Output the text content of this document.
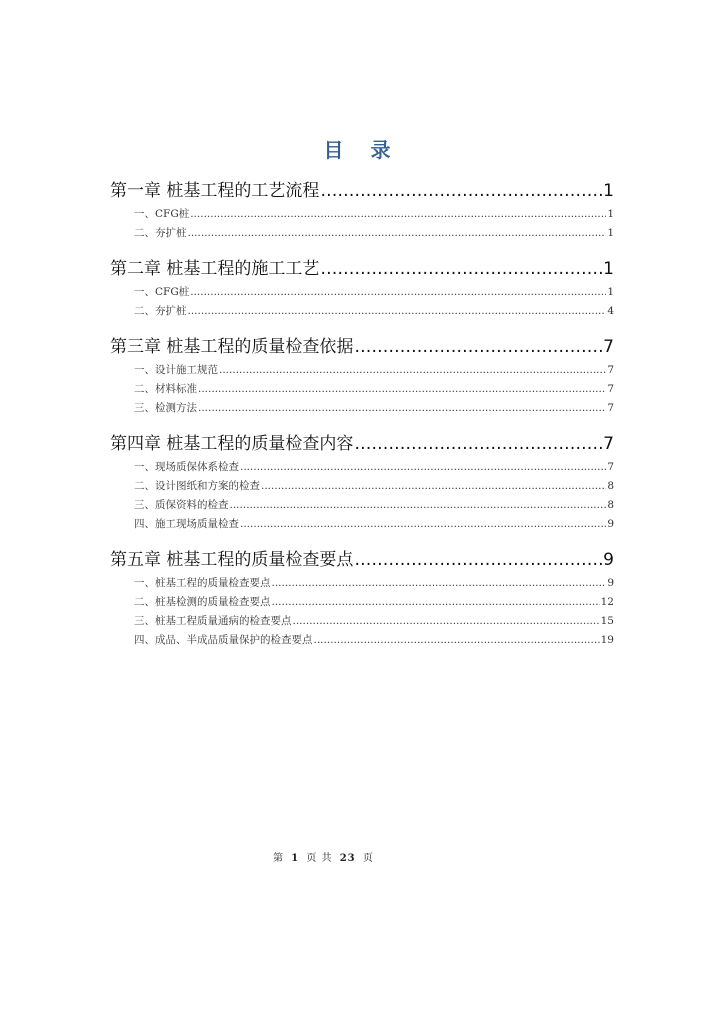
目 录
第一章 桩基工程的工艺流程 …………………………………………………………………………………………………………………………………………………………	1
一、CFG桩 .....	1
二、夯扩桩 .....	1
第二章 桩基工程的施工工艺 …………………………………………………………………………………………………………………………………………………………	1
一、CFG桩 .....	1
二、夯扩桩 .....	4
第三章 桩基工程的质量检查依据 …………………………………………………………………………………………………………………………………………………………	7
一、设计施工规范 .....	7
二、材料标准 .....	7
三、检测方法 .....	7
第四章 桩基工程的质量检查内容 …………………………………………………………………………………………………………………………………………………………	7
一、现场质保体系检查 .....	7
二、设计图纸和方案的检查 .....	8
三、质保资料的检查 .....	8
四、施工现场质量检查 .....	9
第五章 桩基工程的质量检查要点 …………………………………………………………………………………………………………………………………………………………	9
一、桩基工程的质量检查要点 .....	9
二、桩基检测的质量检查要点 .....	12
三、桩基工程质量通病的检查要点 .....	15
四、成品、半成品质量保护的检查要点 .....	19
第 1 页 共 23 页
